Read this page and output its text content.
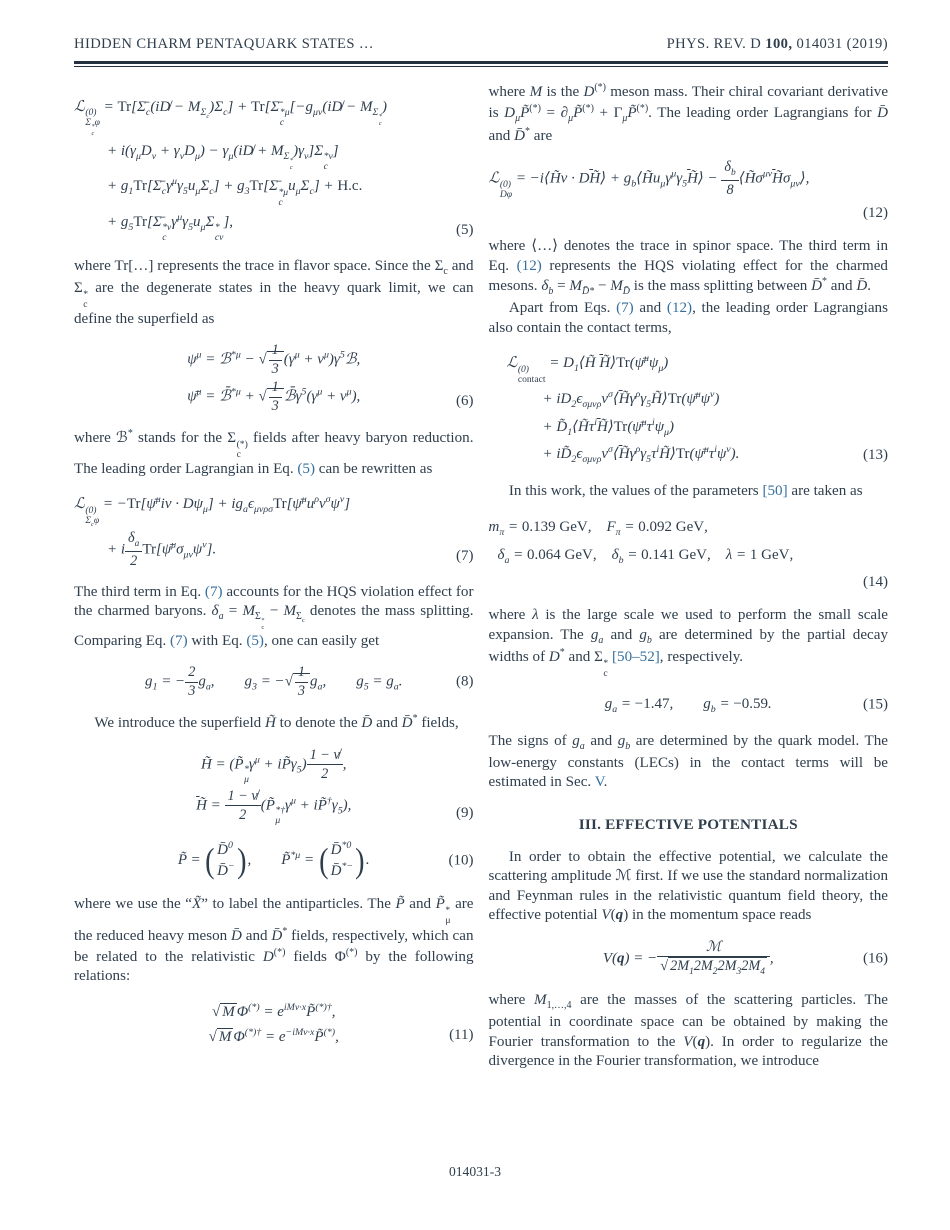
HIDDEN CHARM PENTAQUARK STATES …	PHYS. REV. D 100, 014031 (2019)
ℒ (0)
Σ *
c
φ
= $Tr[\Sigmā_c(iD̸ - M_{\Sigma_c})\Sigma_c]$ + Tr[Σ̄ *μ
c
[$-g_{\mu\nu}(iD̸ - M_{\Sigma * c}$
)
+ $i(\gamma_\mu D_\nu + \gamma_\nu D_\mu)$ − $\gamma_\mu(iD̸ + M_{\Sigma * c}$
)$\gamma_\nu]\Sigma$ *ν
c
]
+ $g_1Tr[\Sigmā_c\gamma^\mu\gamma_5u_\mu\Sigma_c]$ + $g_3Tr[\Sigmā$ *μ
c
$u_\mu\Sigma_c] + H.c$.
+ $g_5Tr[\Sigmā$ *ν
c
$\gamma^\mu\gamma_5u_\mu\Sigma$ *
cν
],
(5)

where Tr[…] represents the trace in flavor space. Since the $\Sigma_c$ and Σ *
c
are the degenerate states in the heavy quark limit, we can define the superfield as

$\psi^\mu$ = ℬ$^{*\mu}$ − √ $\frac{1}{3} (\gamma^\mu$ + $v^\mu)\gamma^5ℬ$,
ψ̄$^\mu$ = ℬ̄$^{*\mu}$ + √ $\frac{1}{3}$ $ℬ̄\gamma^5(\gamma^\mu + v^\mu)$,	(6)

where ℬ* stands for the Σ (*)
c
fields after heavy baryon reduction. The leading order Lagrangian in Eq. (5) can be rewritten as

ℒ (0)
$\Sigma_c\varphi$
= −Tr[ψ̄$^\mu$iv · $D\psi_\mu$] + $ig_a\epsilon_{\mu\nu\rho\sigma}Tr[\psī^\mu u^\rho v^\sigma\psi^\nu]$
+ i $\frac{\delta_a}{2}$ $Tr[\psī^\mu\sigma_{\mu\nu}\psi^\nu]$.	(7)

The third term in Eq. (7) accounts for the HQS violation effect for the charmed baryons. $\delta_a = M_{\Sigma * c}$
− $M_{\Sigma_c}$ denotes the mass splitting. Comparing Eq. (7) with Eq. (5), one can easily get

$g_1$ = − $\frac{2}{3} g_a$,  $g_3$ = −√ $\frac{1}{3} g_a$,  $g_5 = g_a$.	(8)

We introduce the superfield H̃ to denote the D̄ and D̄* fields,

H̃ = (P̃ *
μ
$\gamma^\mu$ + $iP̃\gamma_5) \frac{1 - v̸}{2}$ ,
H̃ = $\frac{1 - v̸}{2}$ (P̃ *†
μ
$\gamma^\mu$ + $iP̃^\dagger\gamma_5$),
(9)
P̃ = ( D̄$^0$
D̄− ) ,  P̃$^{*\mu}$ = ( D̄$^{*0}$
D̄*− ) .	(10)

where we use the “X̃” to label the antiparticles. The P̃ and P̃ *
μ
are the reduced heavy meson D̄ and D̄* fields, respectively, which can be related to the relativistic D(*) fields Φ(*) by the following relations:

√ M $\Phi^{(*)} = e^{iMv\cdot x}P̃^{(*)\dagger}$,
√ M $\Phi^{(*)\dagger} = e^{-iMv\cdot x}P̃^{(*)}$,	(11)

where M is the D(*) meson mass. Their chiral covariant derivative is $D_\mu P̃^{(*)}$ = $\partial_\mu P̃^{(*)}$ + $\Gamma_\mu P̃^{(*)}$. The leading order Lagrangians for D̄ and D̄* are

ℒ (0)
Dφ
= −i⟨H̃v · DH̃⟩ + $g_b⟨H̃u_\mu\gamma^\mu\gamma_5H̃⟩ - \frac{\delta_b}{8}$ $⟨H̃\sigma^{\mu\nu}H̃\sigma_{\mu\nu}⟩$,
(12)

where ⟨…⟩ denotes the trace in spinor space. The third term in Eq. (12) represents the HQS violating effect for the charmed mesons. $\delta_b = M_{D̄*} - M_{D̄}$ is the mass splitting between D̄* and D̄.

Apart from Eqs. (7) and (12), the leading order Lagrangians also contain the contact terms,

ℒ (0)
contact
= $D_1⟨H̃$ $H̃⟩Tr(\psī^\mu\psi_\mu)$
+ $iD_2\epsilon_{\sigma\mu\nu\rho}v^\sigma⟨H̃\gamma^\rho\gamma_5H̃⟩Tr(\psī^\mu\psi^\nu)$
+ $D̃_1⟨H̃\tau^iH̃⟩Tr(\psī^\mu\tau^i\psi_\mu)$
+ $iD̃_2\epsilon_{\sigma\mu\nu\rho}v^\sigma⟨H̃\gamma^\rho\gamma_5\tau^iH̃⟩Tr(\psī^\mu\tau^i\psi^\nu)$.	(13)

In this work, the values of the parameters [50] are taken as

$m_\pi = 0.139$ GeV, $F_\pi = 0.092$ GeV,
$\delta_a = 0.064$ GeV, $\delta_b = 0.141$ GeV, λ = 1 GeV,
(14)

where λ is the large scale we used to perform the small scale expansion. The $g_a$ and $g_b$ are determined by the partial decay widths of D* and Σ *
c
[50–52], respectively.

$g_a = -1.47$,  $g_b = -0.59$.	(15)

The signs of $g_a$ and $g_b$ are determined by the quark model. The low-energy constants (LECs) in the contact terms will be estimated in Sec. V.

III. EFFECTIVE POTENTIALS

In order to obtain the effective potential, we calculate the scattering amplitude ℳ first. If we use the standard normalization and Feynman rules in the relativistic quantum field theory, the effective potential V(q) in the momentum space reads

V(q) = − $\frac{\text{ℳ}}{√ 2M_12M_22M_32M_4}$ ,	(16)

where $M_{1,\dots,4}$ are the masses of the scattering particles. The potential in coordinate space can be obtained by making the Fourier transformation to the V(q). In order to regularize the divergence in the Fourier transformation, we introduce

014031-3
